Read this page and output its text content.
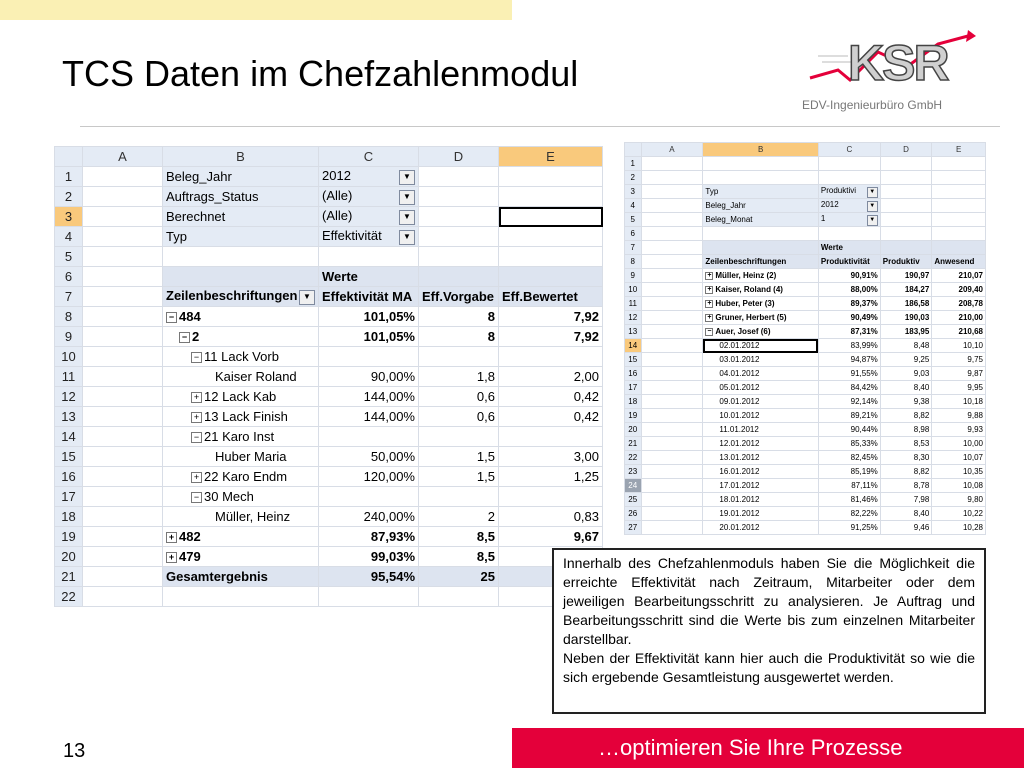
TCS Daten im Chefzahlenmodul	KSR
EDV-Ingenieurbüro GmbH
	A	B	C	D	E
1		Beleg_Jahr	2012 ▼		

2		Auftrags_Status	(Alle) ▼		

3		Berechnet	(Alle) ▼		

4		Typ	Effektivität ▼		

5					
6			Werte		
7		Zeilenbeschriftungen ▼	Effektivität MA	Eff.Vorgabe	Eff.Bewertet
8		− 484	101,05%	8	7,92
9		− 2	101,05%	8	7,92
10		− 11 Lack Vorb			
11		Kaiser Roland	90,00%	1,8	2,00
12		+ 12 Lack Kab	144,00%	0,6	0,42
13		+ 13 Lack Finish	144,00%	0,6	0,42
14		− 21 Karo Inst			
15		Huber Maria	50,00%	1,5	3,00
16		+ 22 Karo Endm	120,00%	1,5	1,25
17		− 30 Mech			
18		Müller, Heinz	240,00%	2	0,83
19		+ 482	87,93%	8,5	9,67
20		+ 479	99,03%	8,5	
21		Gesamtergebnis	95,54%	25	
22					
	A	B	C	D	E
1					
2					
3		Typ	Produktivi ▼		

4		Beleg_Jahr	2012 ▼		

5		Beleg_Monat	1 ▼		

6					
7			Werte		
8		Zeilenbeschriftungen	Produktivität	Produktiv	Anwesend
9		+ Müller, Heinz (2)	90,91%	190,97	210,07
10		+ Kaiser, Roland (4)	88,00%	184,27	209,40
11		+ Huber, Peter (3)	89,37%	186,58	208,78
12		+ Gruner, Herbert (5)	90,49%	190,03	210,00
13		− Auer, Josef (6)	87,31%	183,95	210,68
14		02.01.2012	83,99%	8,48	10,10
15		03.01.2012	94,87%	9,25	9,75
16		04.01.2012	91,55%	9,03	9,87
17		05.01.2012	84,42%	8,40	9,95
18		09.01.2012	92,14%	9,38	10,18
19		10.01.2012	89,21%	8,82	9,88
20		11.01.2012	90,44%	8,98	9,93
21		12.01.2012	85,33%	8,53	10,00
22		13.01.2012	82,45%	8,30	10,07
23		16.01.2012	85,19%	8,82	10,35
24		17.01.2012	87,11%	8,78	10,08
25		18.01.2012	81,46%	7,98	9,80
26		19.01.2012	82,22%	8,40	10,22
27		20.01.2012	91,25%	9,46	10,28

Innerhalb des Chefzahlenmoduls haben Sie die Möglichkeit die erreichte Effektivität nach Zeitraum, Mitarbeiter oder dem jeweiligen Bearbeitungsschritt zu analysieren. Je Auftrag und Bearbeitungsschritt sind die Werte bis zum einzelnen Mitarbeiter darstellbar.

Neben der Effektivität kann hier auch die Produktivität so wie die sich ergebende Gesamtleistung ausgewertet werden.

13	…optimieren Sie Ihre Prozesse
